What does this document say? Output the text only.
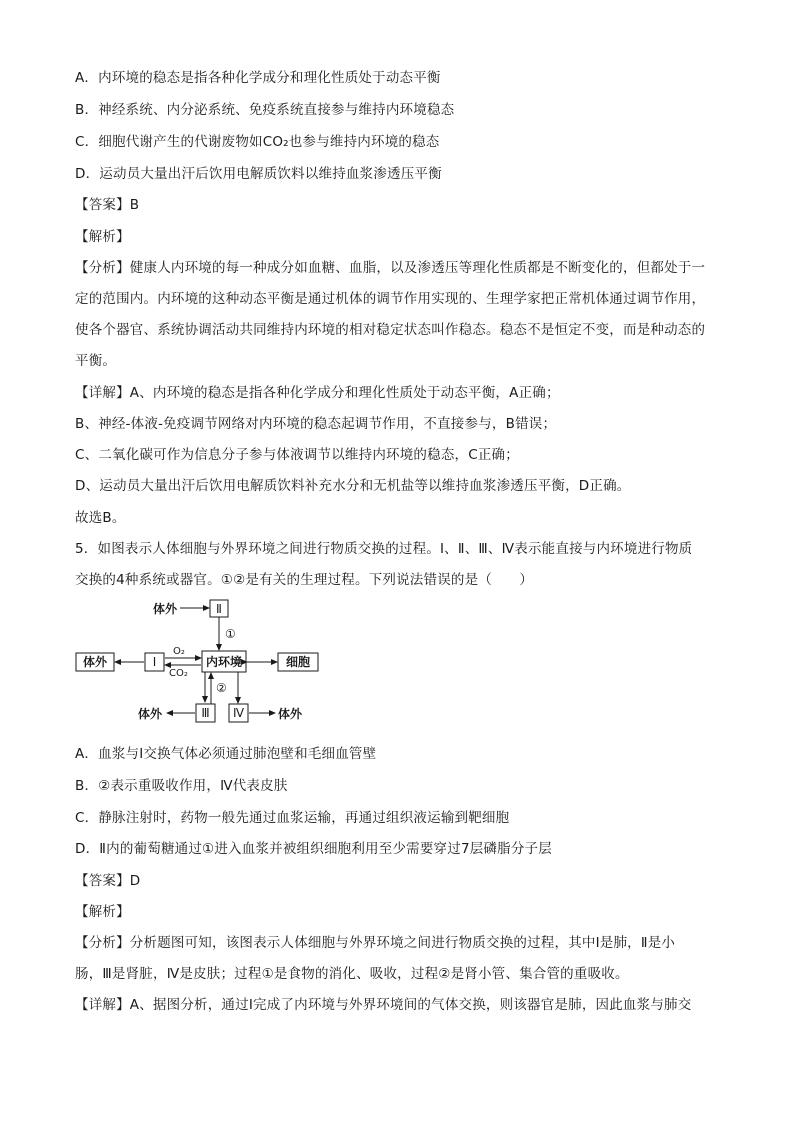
A．内环境的稳态是指各种化学成分和理化性质处于动态平衡
B．神经系统、内分泌系统、免疫系统直接参与维持内环境稳态
C．细胞代谢产生的代谢废物如CO₂也参与维持内环境的稳态
D．运动员大量出汗后饮用电解质饮料以维持血浆渗透压平衡
【答案】B
【解析】
【分析】健康人内环境的每一种成分如血糖、血脂，以及渗透压等理化性质都是不断变化的，但都处于一
定的范围内。内环境的这种动态平衡是通过机体的调节作用实现的、生理学家把正常机体通过调节作用，
使各个器官、系统协调活动共同维持内环境的相对稳定状态叫作稳态。稳态不是恒定不变，而是种动态的
平衡。
【详解】A、内环境的稳态是指各种化学成分和理化性质处于动态平衡，A正确；
B、神经-体液-免疫调节网络对内环境的稳态起调节作用，不直接参与，B错误；
C、二氧化碳可作为信息分子参与体液调节以维持内环境的稳态，C正确；
D、运动员大量出汗后饮用电解质饮料补充水分和无机盐等以维持血浆渗透压平衡，D正确。
故选B。
5．如图表示人体细胞与外界环境之间进行物质交换的过程。Ⅰ、Ⅱ、Ⅲ、Ⅳ表示能直接与内环境进行物质
交换的4种系统或器官。①②是有关的生理过程。下列说法错误的是（　　）
体外	Ⅱ
①
体外	Ⅰ
O₂
CO₂
内环境	细胞
②
Ⅲ
体外	Ⅳ	体外
A．血浆与Ⅰ交换气体必须通过肺泡壁和毛细血管壁
B．②表示重吸收作用，Ⅳ代表皮肤
C．静脉注射时，药物一般先通过血浆运输，再通过组织液运输到靶细胞
D．Ⅱ内的葡萄糖通过①进入血浆并被组织细胞利用至少需要穿过7层磷脂分子层
【答案】D
【解析】
【分析】分析题图可知，该图表示人体细胞与外界环境之间进行物质交换的过程，其中Ⅰ是肺，Ⅱ是小
肠，Ⅲ是肾脏，Ⅳ是皮肤；过程①是食物的消化、吸收，过程②是肾小管、集合管的重吸收。
【详解】A、据图分析，通过Ⅰ完成了内环境与外界环境间的气体交换，则该器官是肺，因此血浆与肺交
